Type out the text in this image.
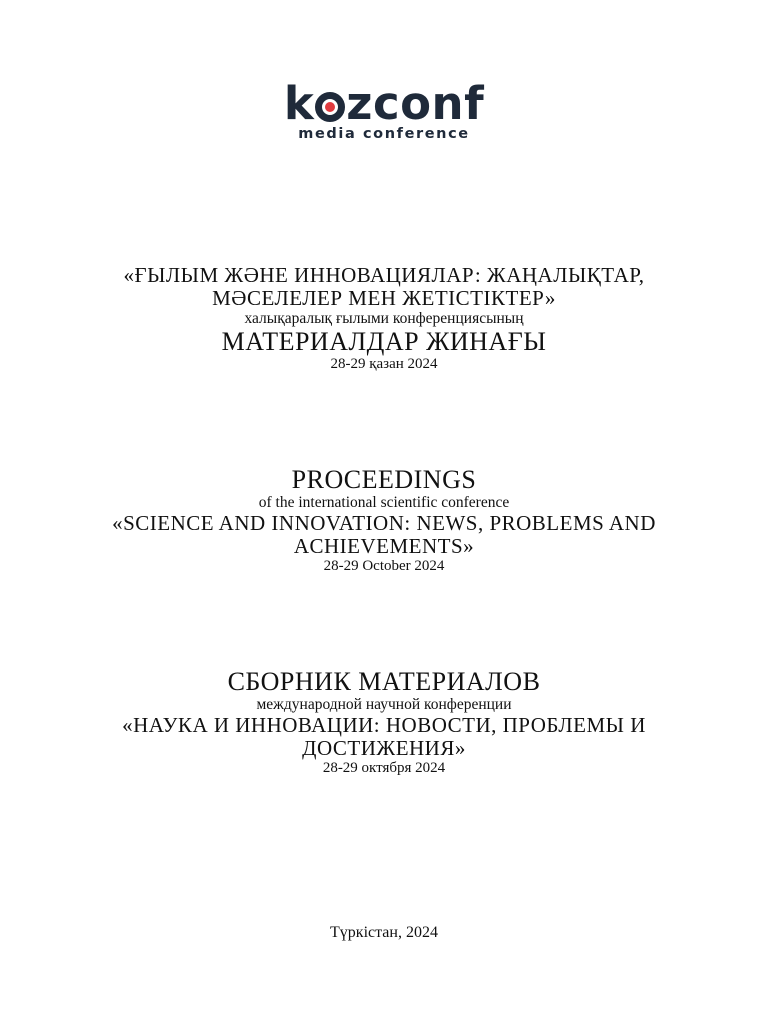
k zconf
media conference
«ҒЫЛЫМ ЖӘНЕ ИННОВАЦИЯЛАР: ЖАҢАЛЫҚТАР,
МӘСЕЛЕЛЕР МЕН ЖЕТІСТІКТЕР»
халықаралық ғылыми конференциясының
МАТЕРИАЛДАР ЖИНАҒЫ
28-29 қазан 2024
PROCEEDINGS
of the international scientific conference
«SCIENCE AND INNOVATION: NEWS, PROBLEMS AND
ACHIEVEMENTS»
28-29 October 2024
СБОРНИК МАТЕРИАЛОВ
международной научной конференции
«НАУКА И ИННОВАЦИИ: НОВОСТИ, ПРОБЛЕМЫ И
ДОСТИЖЕНИЯ»
28-29 октября 2024
Түркістан, 2024
